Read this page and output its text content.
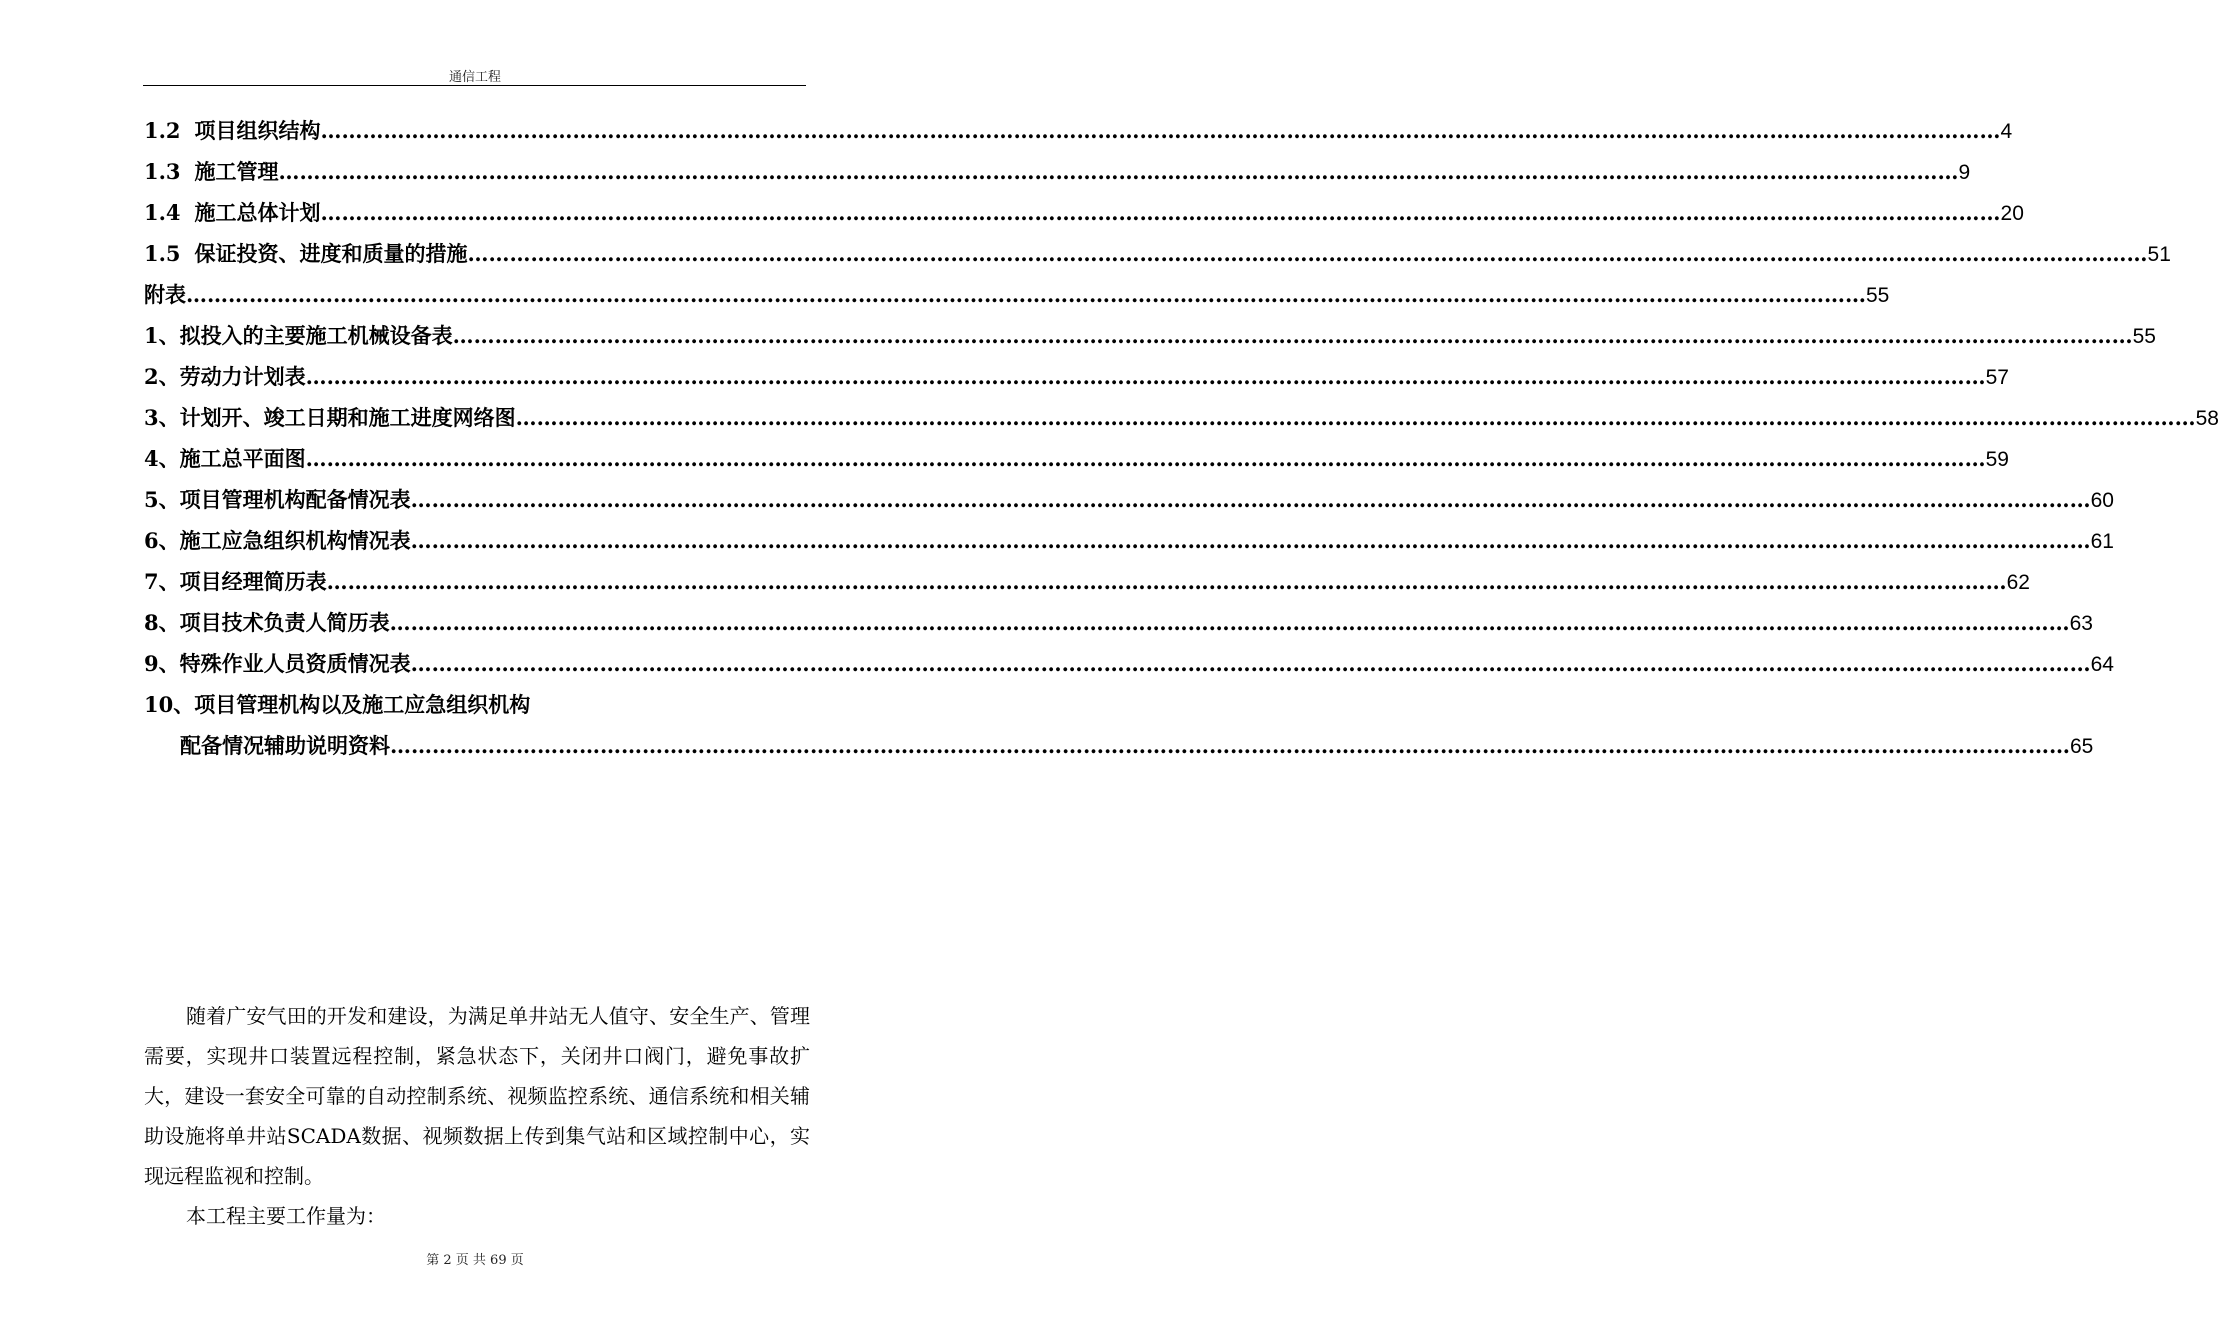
通信工程
1.2 项目组织结构 …………………………………………………………………………………………………………………………………………………………………………………………………………………… 4
1.3 施工管理 …………………………………………………………………………………………………………………………………………………………………………………………………………………… 9
1.4 施工总体计划 …………………………………………………………………………………………………………………………………………………………………………………………………………………… 20
1.5 保证投资、进度和质量的措施 …………………………………………………………………………………………………………………………………………………………………………………………………………………… 51
附表 …………………………………………………………………………………………………………………………………………………………………………………………………………………… 55
1、 拟投入的主要施工机械设备表 …………………………………………………………………………………………………………………………………………………………………………………………………………………… 55
2、 劳动力计划表 …………………………………………………………………………………………………………………………………………………………………………………………………………………… 57
3、 计划开、竣工日期和施工进度网络图 …………………………………………………………………………………………………………………………………………………………………………………………………………………… 58
4、 施工总平面图 …………………………………………………………………………………………………………………………………………………………………………………………………………………… 59
5、 项目管理机构配备情况表 …………………………………………………………………………………………………………………………………………………………………………………………………………………… 60
6、 施工应急组织机构情况表 …………………………………………………………………………………………………………………………………………………………………………………………………………………… 61
7、 项目经理简历表 …………………………………………………………………………………………………………………………………………………………………………………………………………………… 62
8、 项目技术负责人简历表 …………………………………………………………………………………………………………………………………………………………………………………………………………………… 63
9、 特殊作业人员资质情况表 …………………………………………………………………………………………………………………………………………………………………………………………………………………… 64
10、 项目管理机构以及施工应急组织机构
配备情况辅助说明资料 …………………………………………………………………………………………………………………………………………………………………………………………………………………… 65

随着广安气田的开发和建设，为满足单井站无人值守、安全生产、管理需要，实现井口装置远程控制，紧急状态下，关闭井口阀门，避免事故扩大，建设一套安全可靠的自动控制系统、视频监控系统、通信系统和相关辅助设施将单井站SCADA数据、视频数据上传到集气站和区域控制中心，实现远程监视和控制。

本工程主要工作量为：

第 2 页 共 69 页
